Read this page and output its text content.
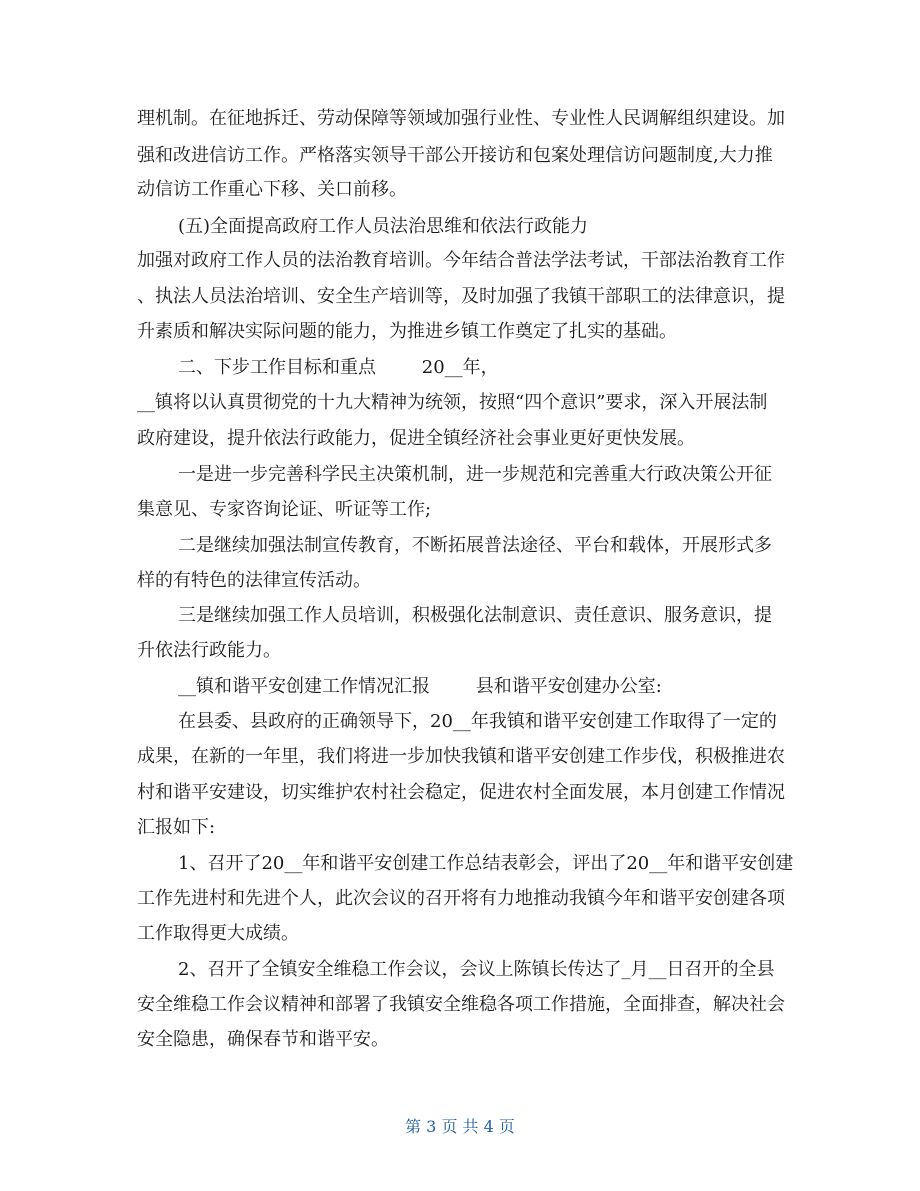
理机制。在征地拆迁、劳动保障等领域加强行业性、专业性人民调解组织建设。加
强和改进信访工作。严格落实领导干部公开接访和包案处理信访问题制度,大力推
动信访工作重心下移、关口前移。
(五)全面提高政府工作人员法治思维和依法行政能力
加强对政府工作人员的法治教育培训。今年结合普法学法考试，干部法治教育工作
、执法人员法治培训、安全生产培训等，及时加强了我镇干部职工的法律意识，提
升素质和解决实际问题的能力，为推进乡镇工作奠定了扎实的基础。
二、下步工作目标和重点        20__年，
__镇将以认真贯彻党的十九大精神为统领，按照“四个意识”要求，深入开展法制
政府建设，提升依法行政能力，促进全镇经济社会事业更好更快发展。
一是进一步完善科学民主决策机制，进一步规范和完善重大行政决策公开征
集意见、专家咨询论证、听证等工作;
二是继续加强法制宣传教育，不断拓展普法途径、平台和载体，开展形式多
样的有特色的法律宣传活动。
三是继续加强工作人员培训，积极强化法制意识、责任意识、服务意识，提
升依法行政能力。
__镇和谐平安创建工作情况汇报        县和谐平安创建办公室:
在县委、县政府的正确领导下，20__年我镇和谐平安创建工作取得了一定的
成果，在新的一年里，我们将进一步加快我镇和谐平安创建工作步伐，积极推进农
村和谐平安建设，切实维护农村社会稳定，促进农村全面发展，本月创建工作情况
汇报如下:
1、召开了20__年和谐平安创建工作总结表彰会，评出了20__年和谐平安创建
工作先进村和先进个人，此次会议的召开将有力地推动我镇今年和谐平安创建各项
工作取得更大成绩。
2、召开了全镇安全维稳工作会议，会议上陈镇长传达了_月__日召开的全县
安全维稳工作会议精神和部署了我镇安全维稳各项工作措施，全面排查，解决社会
安全隐患，确保春节和谐平安。
第 3 页 共 4 页
